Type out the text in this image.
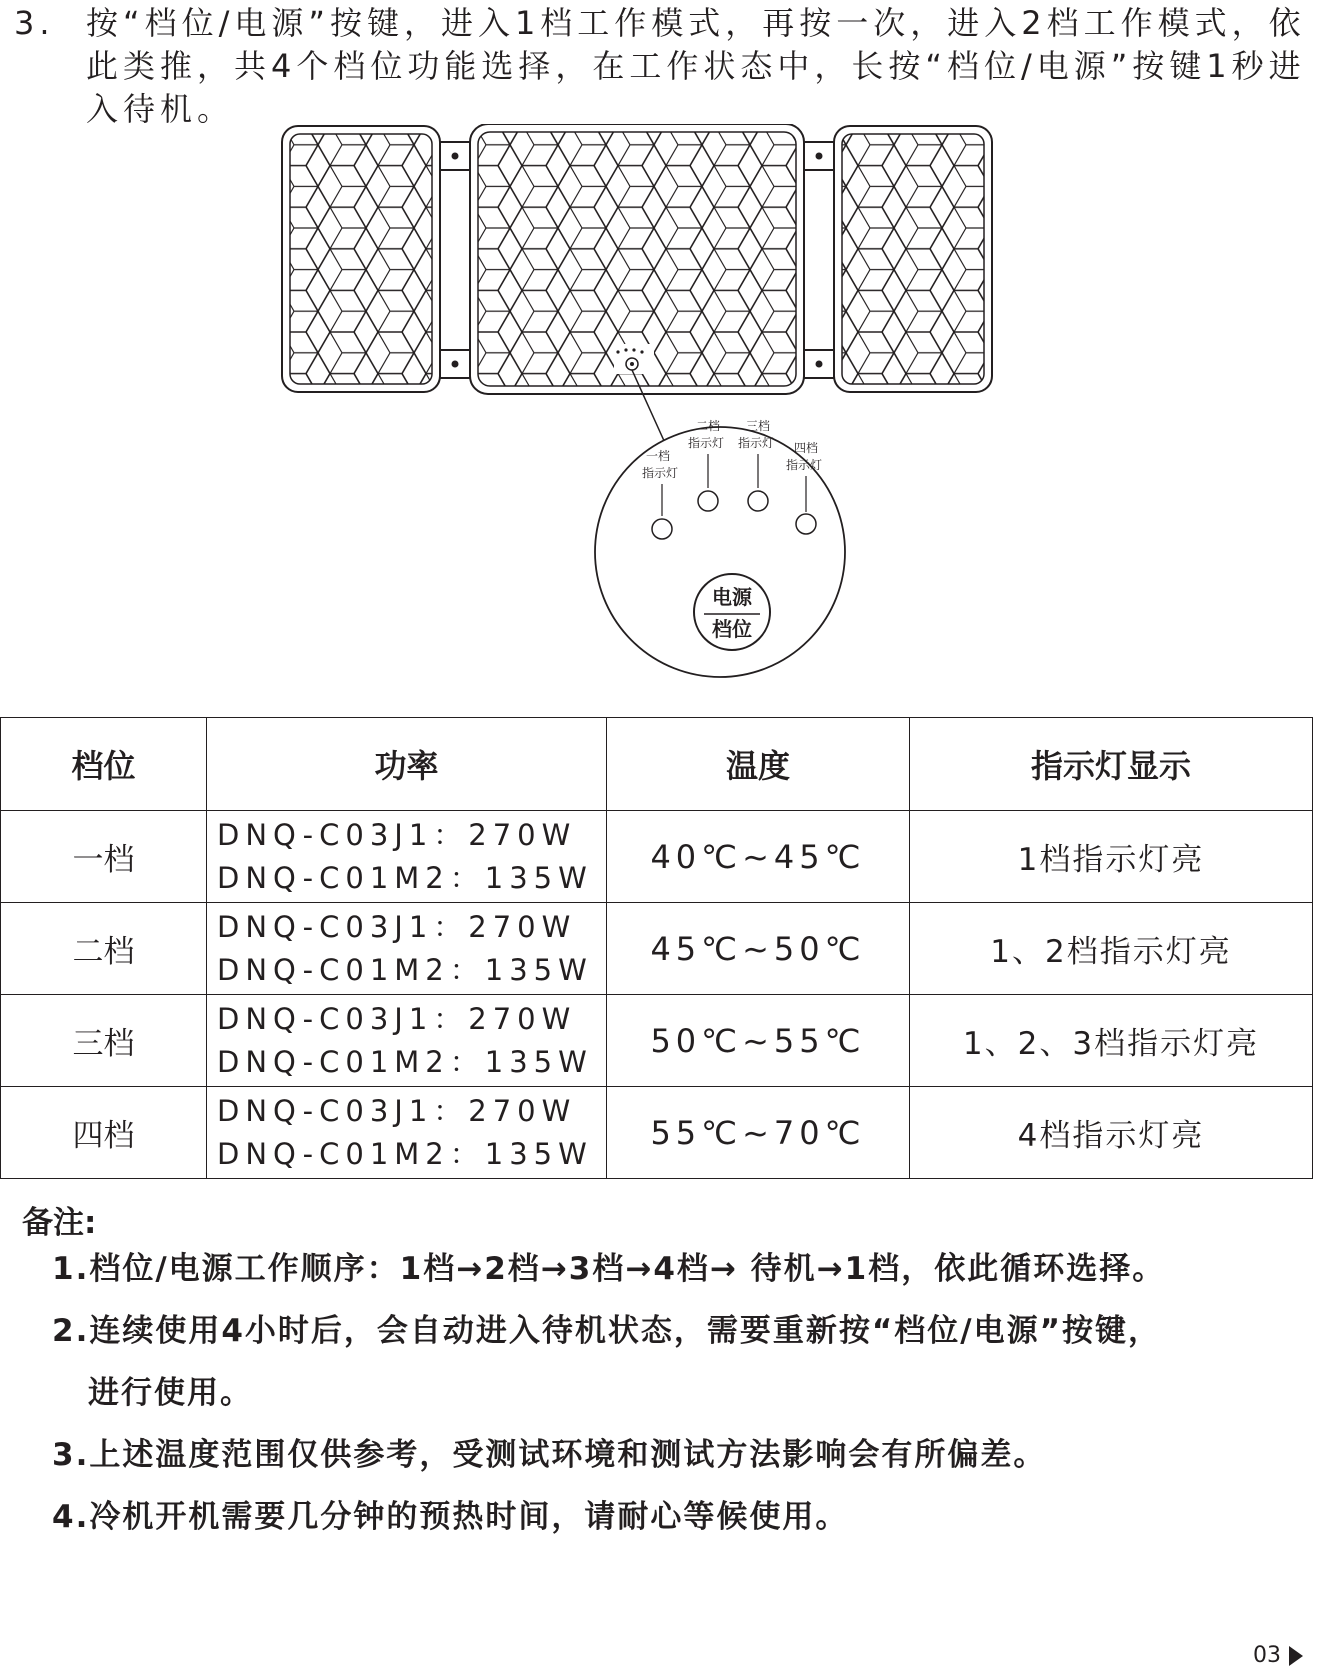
3. 按“档位/电源”按键，进入1档工作模式，再按一次，进入2档工作模式，依此类推，共4个档位功能选择，在工作状态中，长按“档位/电源”按键1秒进入待机。

一档指示灯
二档指示灯
三档指示灯	四档指示灯
电源
档位
档位	功率	温度	指示灯显示
一档	DNQ-C03J1：270W
DNQ-C01M2：135W	40℃~45℃	1档指示灯亮
二档	DNQ-C03J1：270W
DNQ-C01M2：135W	45℃~50℃	1、2档指示灯亮
三档	DNQ-C03J1：270W
DNQ-C01M2：135W	50℃~55℃	1、2、3档指示灯亮
四档	DNQ-C03J1：270W
DNQ-C01M2：135W	55℃~70℃	4档指示灯亮
备注:
1.档位/电源工作顺序：1档→2档→3档→4档→ 待机→1档，依此循环选择。
2.连续使用4小时后，会自动进入待机状态，需要重新按“档位/电源”按键，
进行使用。
3.上述温度范围仅供参考，受测试环境和测试方法影响会有所偏差。
4.冷机开机需要几分钟的预热时间，请耐心等候使用。
03
